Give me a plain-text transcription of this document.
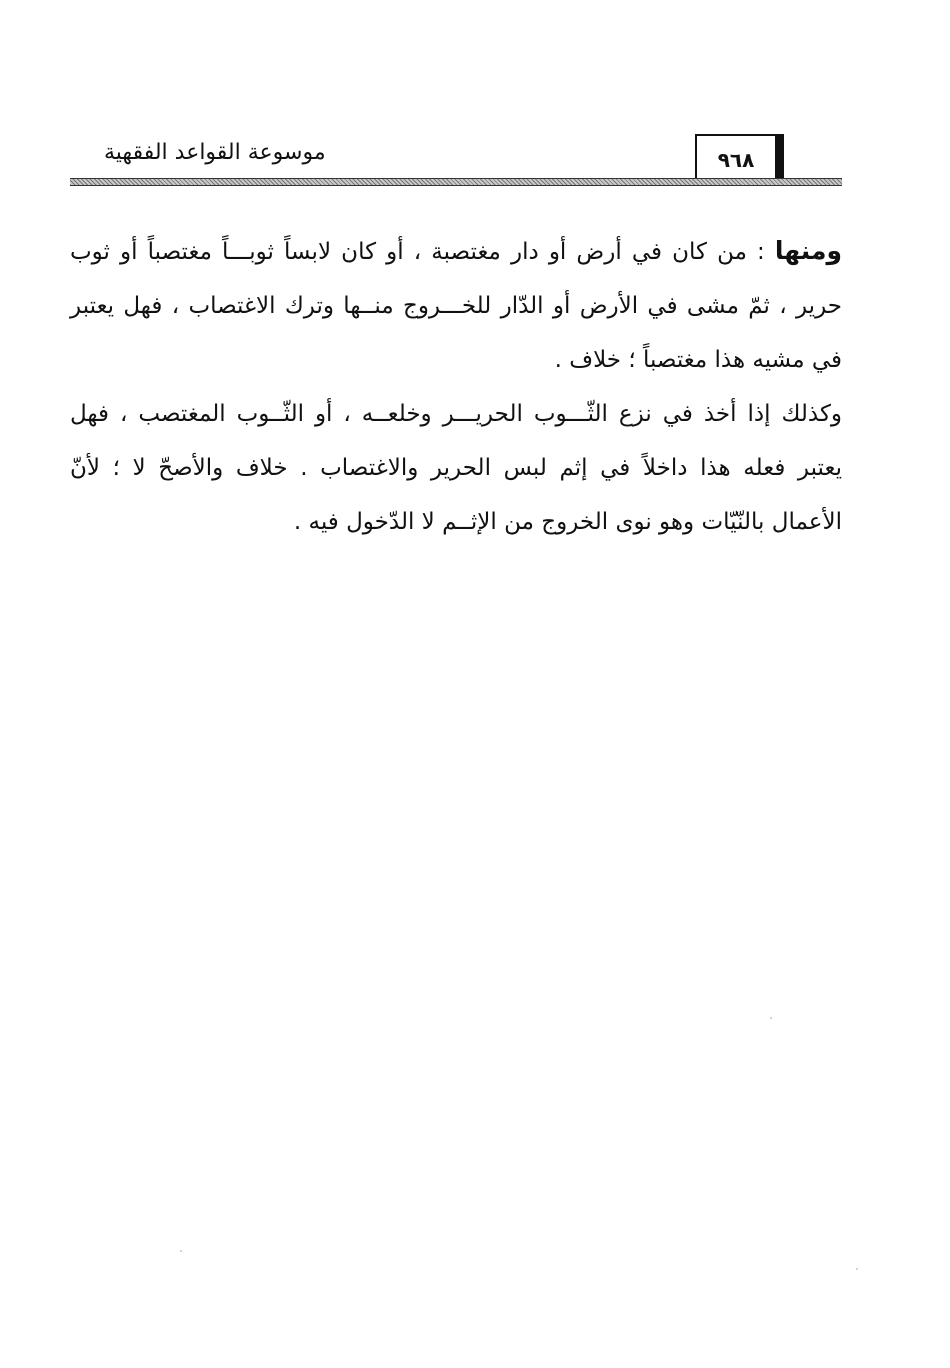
موسوعة القواعد الفقهية	٩٦٨

ومنها : من كان في أرض أو دار مغتصبة ، أو كان لابساً ثوبـــاً مغتصباً أو ثوب حرير ، ثمّ مشى في الأرض أو الدّار للخـــروج منــها وترك الاغتصاب ، فهل يعتبر في مشيه هذا مغتصباً ؛ خلاف .

وكذلك إذا أخذ في نزع الثّـــوب الحريـــر وخلعــه ، أو الثّــوب المغتصب ، فهل يعتبر فعله هذا داخلاً في إثم لبس الحرير والاغتصاب . خلاف والأصحّ لا ؛ لأنّ الأعمال بالنّيّات وهو نوى الخروج من الإثــم لا الدّخول فيه .
